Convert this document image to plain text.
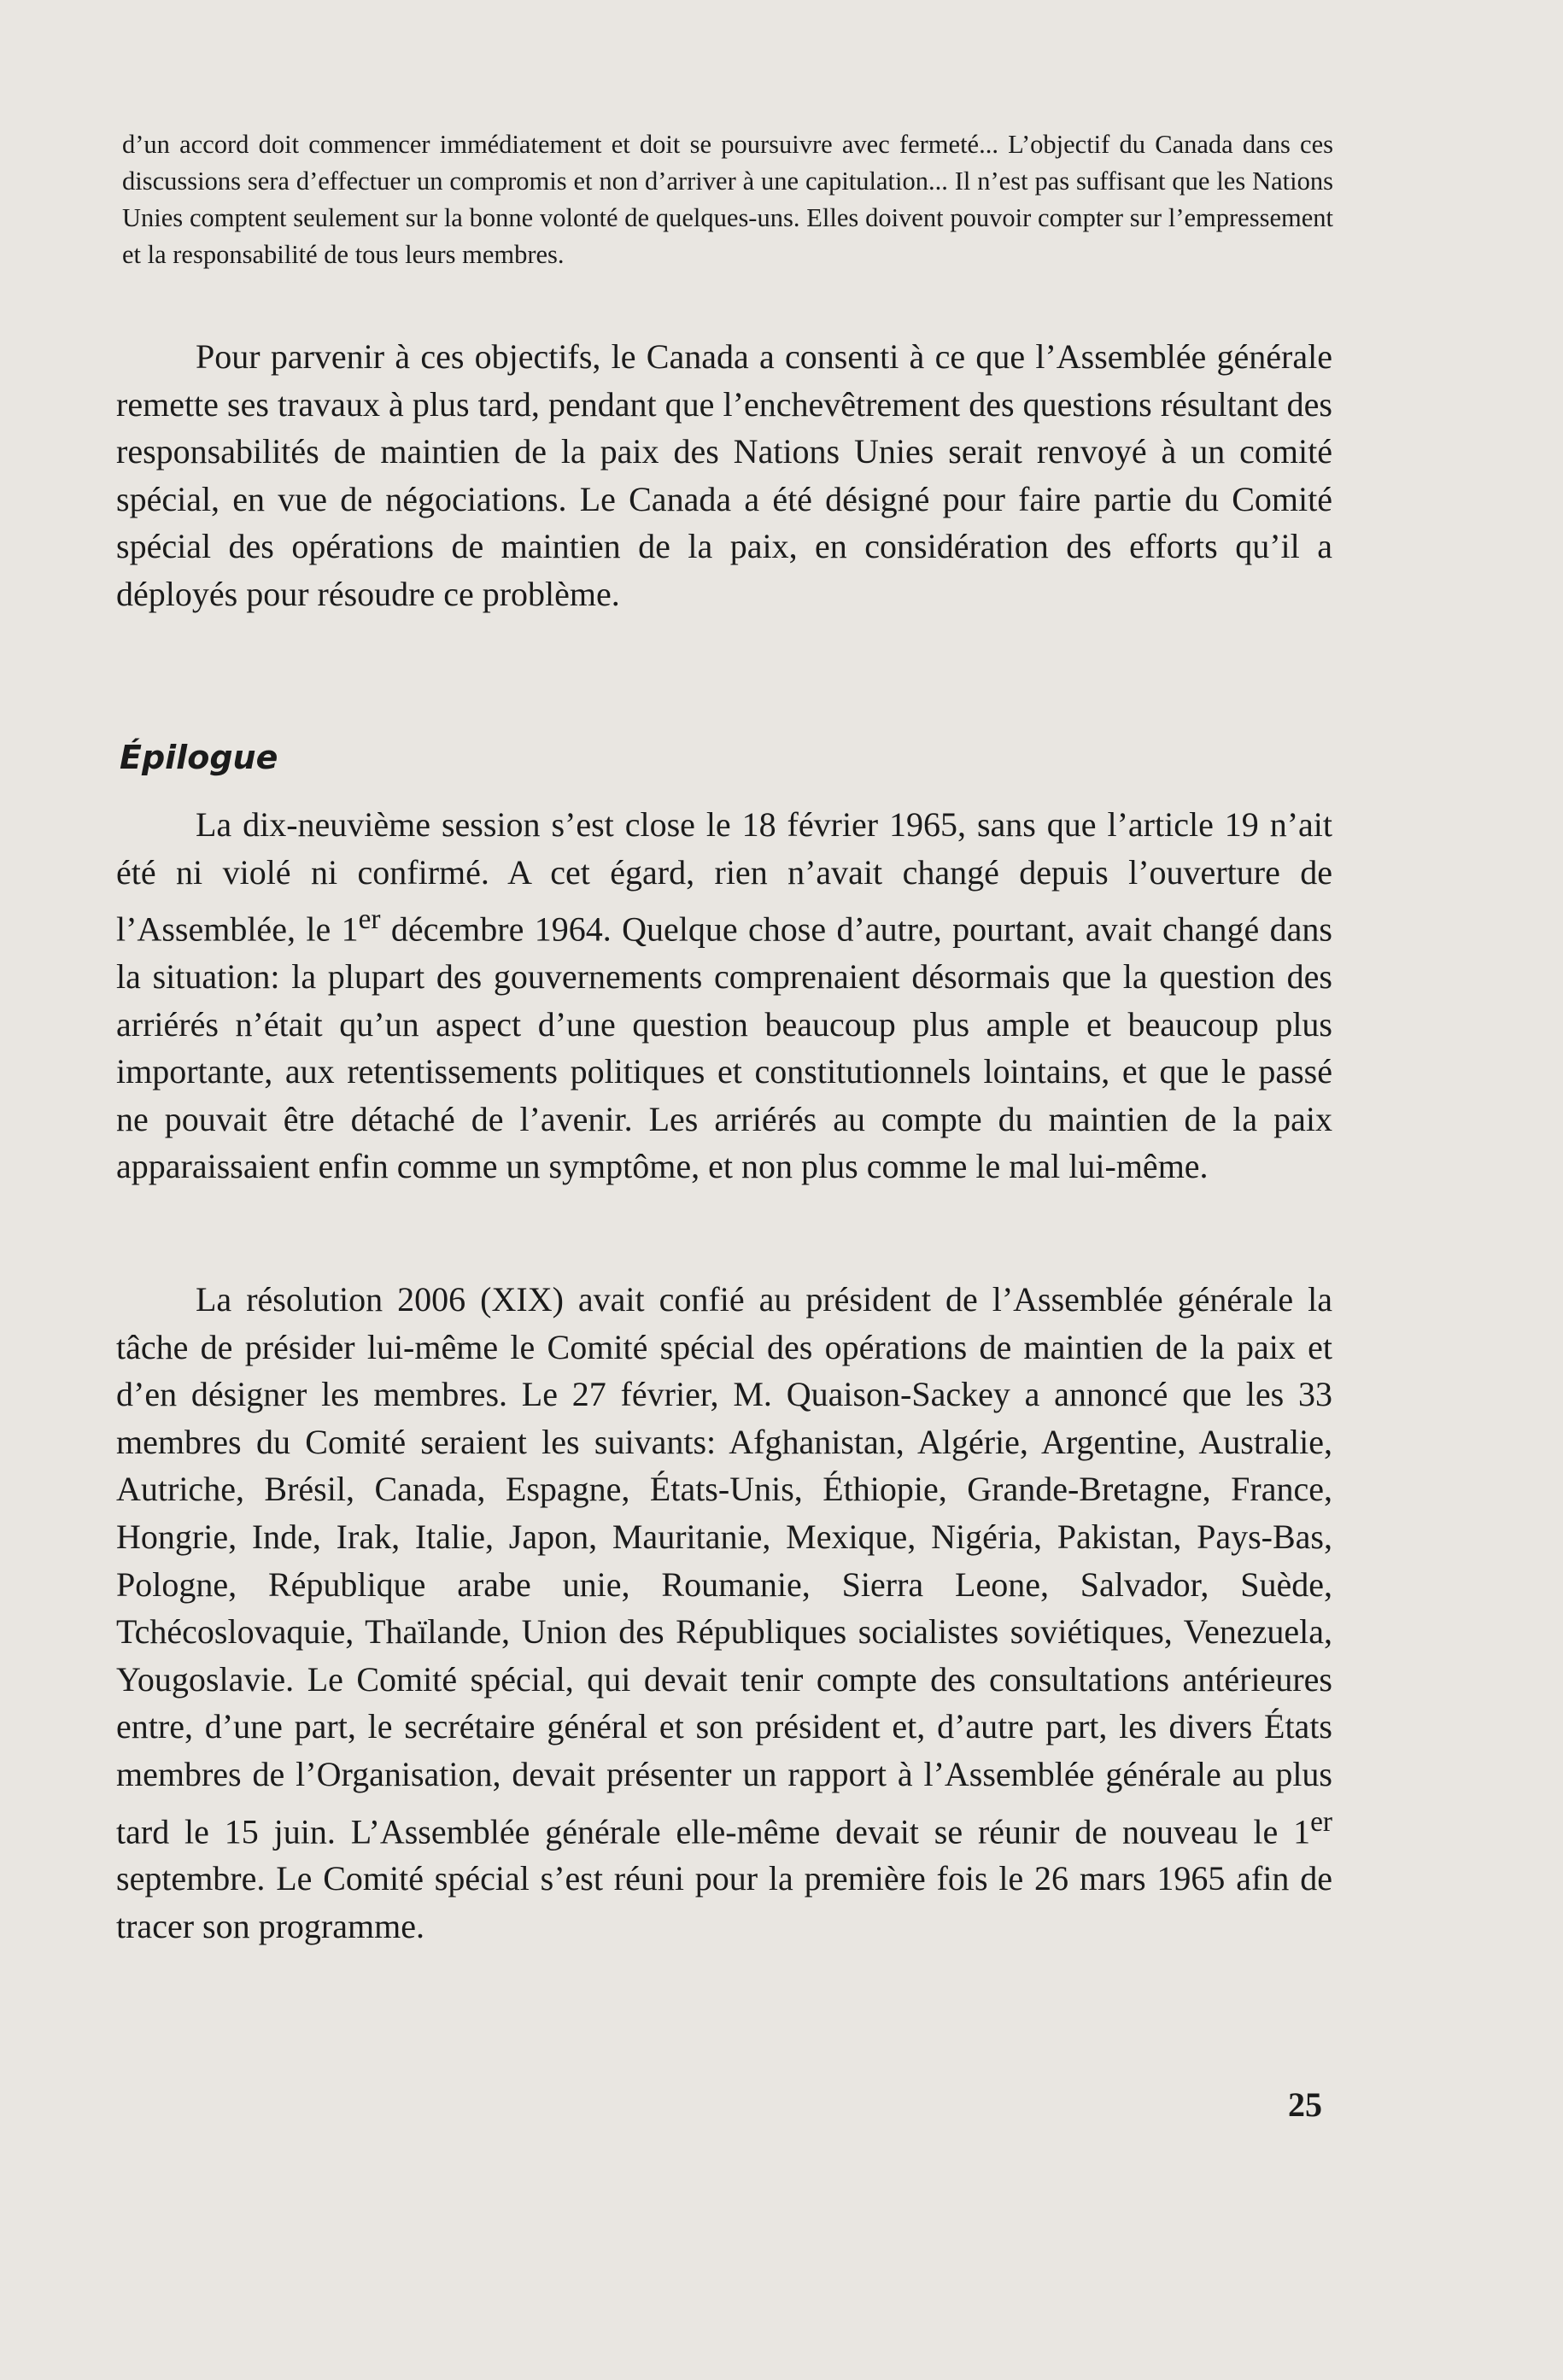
d’un accord doit commencer immédiatement et doit se poursuivre avec fermeté... L’objectif du Canada dans ces discussions sera d’effectuer un compromis et non d’arriver à une capitulation... Il n’est pas suffisant que les Nations Unies comptent seulement sur la bonne volonté de quelques-uns. Elles doivent pouvoir compter sur l’empressement et la responsabilité de tous leurs membres.

Pour parvenir à ces objectifs, le Canada a consenti à ce que l’Assemblée générale remette ses travaux à plus tard, pendant que l’enchevêtrement des questions résultant des responsabilités de maintien de la paix des Nations Unies serait renvoyé à un comité spécial, en vue de négociations. Le Canada a été désigné pour faire partie du Comité spécial des opérations de maintien de la paix, en considération des efforts qu’il a déployés pour résoudre ce problème.

Épilogue

La dix-neuvième session s’est close le 18 février 1965, sans que l’article 19 n’ait été ni violé ni confirmé. A cet égard, rien n’avait changé depuis l’ouverture de l’Assemblée, le 1er décembre 1964. Quelque chose d’autre, pourtant, avait changé dans la situation: la plupart des gouvernements comprenaient désormais que la question des arriérés n’était qu’un aspect d’une question beaucoup plus ample et beaucoup plus importante, aux retentissements politiques et constitutionnels lointains, et que le passé ne pouvait être détaché de l’avenir. Les arriérés au compte du maintien de la paix apparaissaient enfin comme un symptôme, et non plus comme le mal lui-même.

La résolution 2006 (XIX) avait confié au président de l’Assemblée générale la tâche de présider lui-même le Comité spécial des opérations de maintien de la paix et d’en désigner les membres. Le 27 février, M. Quaison-Sackey a annoncé que les 33 membres du Comité seraient les suivants: Afghanistan, Algérie, Argentine, Australie, Autriche, Brésil, Canada, Espagne, États-Unis, Éthiopie, Grande-Bretagne, France, Hongrie, Inde, Irak, Italie, Japon, Mauritanie, Mexique, Nigéria, Pakistan, Pays-Bas, Pologne, République arabe unie, Roumanie, Sierra Leone, Salvador, Suède, Tchécoslovaquie, Thaïlande, Union des Républiques socialistes soviétiques, Venezuela, Yougoslavie. Le Comité spécial, qui devait tenir compte des consultations antérieures entre, d’une part, le secrétaire général et son président et, d’autre part, les divers États membres de l’Organisation, devait présenter un rapport à l’Assemblée générale au plus tard le 15 juin. L’Assemblée générale elle-même devait se réunir de nouveau le 1er septembre. Le Comité spécial s’est réuni pour la première fois le 26 mars 1965 afin de tracer son programme.

25
